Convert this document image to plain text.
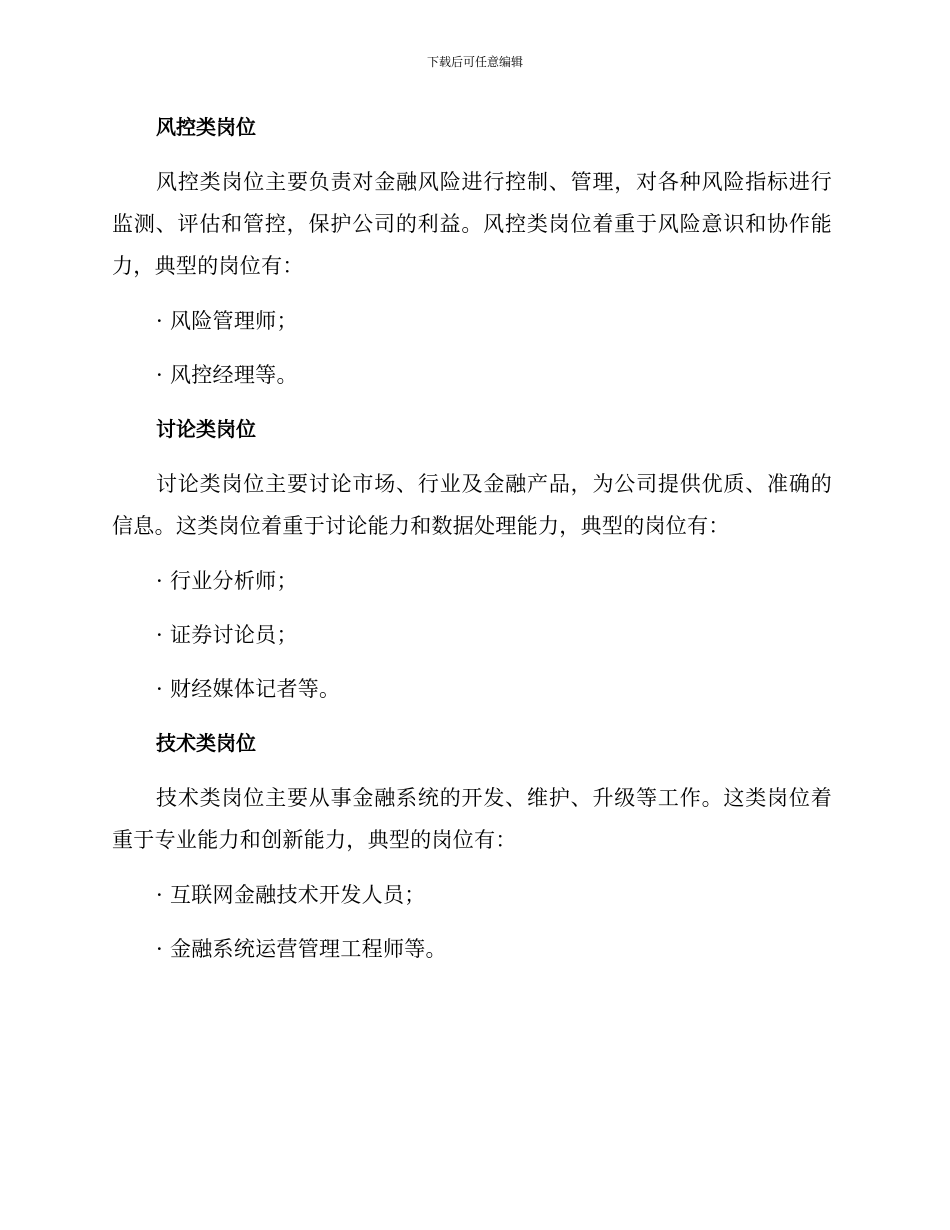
下载后可任意编辑
风控类岗位

风控类岗位主要负责对金融风险进行控制、管理，对各种风险指标进行监测、评估和管控，保护公司的利益。风控类岗位着重于风险意识和协作能力，典型的岗位有：

· 风险管理师；

· 风控经理等。

讨论类岗位

讨论类岗位主要讨论市场、行业及金融产品，为公司提供优质、准确的信息。这类岗位着重于讨论能力和数据处理能力，典型的岗位有：

· 行业分析师；

· 证券讨论员；

· 财经媒体记者等。

技术类岗位

技术类岗位主要从事金融系统的开发、维护、升级等工作。这类岗位着重于专业能力和创新能力，典型的岗位有：

· 互联网金融技术开发人员；

· 金融系统运营管理工程师等。
